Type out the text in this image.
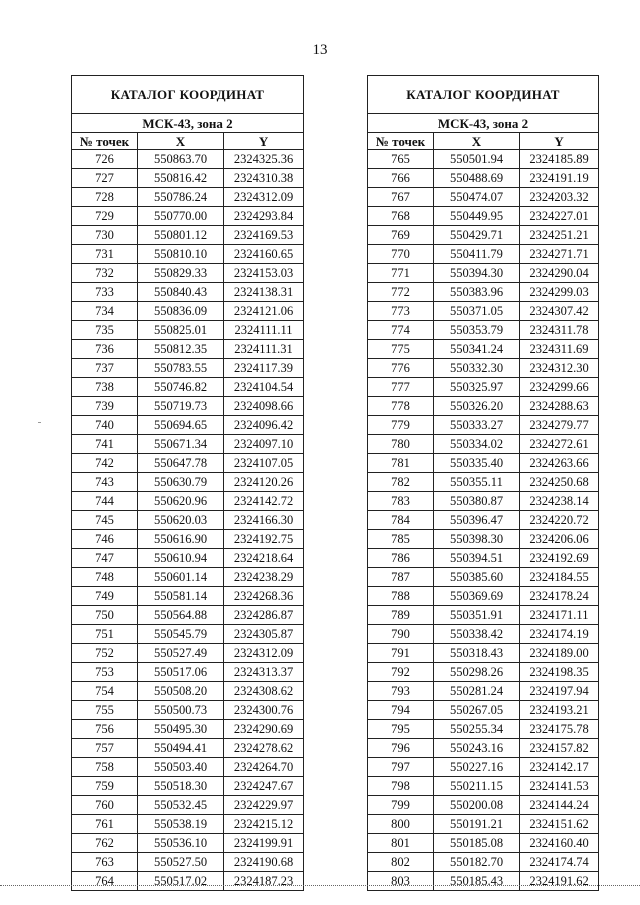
13
КАТАЛОГ КООРДИНАТ		
МСК-43, зона 2		
№ точек	X	Y
726	550863.70	2324325.36
727	550816.42	2324310.38
728	550786.24	2324312.09
729	550770.00	2324293.84
730	550801.12	2324169.53
731	550810.10	2324160.65
732	550829.33	2324153.03
733	550840.43	2324138.31
734	550836.09	2324121.06
735	550825.01	2324111.11
736	550812.35	2324111.31
737	550783.55	2324117.39
738	550746.82	2324104.54
739	550719.73	2324098.66
740	550694.65	2324096.42
741	550671.34	2324097.10
742	550647.78	2324107.05
743	550630.79	2324120.26
744	550620.96	2324142.72
745	550620.03	2324166.30
746	550616.90	2324192.75
747	550610.94	2324218.64
748	550601.14	2324238.29
749	550581.14	2324268.36
750	550564.88	2324286.87
751	550545.79	2324305.87
752	550527.49	2324312.09
753	550517.06	2324313.37
754	550508.20	2324308.62
755	550500.73	2324300.76
756	550495.30	2324290.69
757	550494.41	2324278.62
758	550503.40	2324264.70
759	550518.30	2324247.67
760	550532.45	2324229.97
761	550538.19	2324215.12
762	550536.10	2324199.91
763	550527.50	2324190.68
764	550517.02	2324187.23
КАТАЛОГ КООРДИНАТ		
МСК-43, зона 2		
№ точек	X	Y
765	550501.94	2324185.89
766	550488.69	2324191.19
767	550474.07	2324203.32
768	550449.95	2324227.01
769	550429.71	2324251.21
770	550411.79	2324271.71
771	550394.30	2324290.04
772	550383.96	2324299.03
773	550371.05	2324307.42
774	550353.79	2324311.78
775	550341.24	2324311.69
776	550332.30	2324312.30
777	550325.97	2324299.66
778	550326.20	2324288.63
779	550333.27	2324279.77
780	550334.02	2324272.61
781	550335.40	2324263.66
782	550355.11	2324250.68
783	550380.87	2324238.14
784	550396.47	2324220.72
785	550398.30	2324206.06
786	550394.51	2324192.69
787	550385.60	2324184.55
788	550369.69	2324178.24
789	550351.91	2324171.11
790	550338.42	2324174.19
791	550318.43	2324189.00
792	550298.26	2324198.35
793	550281.24	2324197.94
794	550267.05	2324193.21
795	550255.34	2324175.78
796	550243.16	2324157.82
797	550227.16	2324142.17
798	550211.15	2324141.53
799	550200.08	2324144.24
800	550191.21	2324151.62
801	550185.08	2324160.40
802	550182.70	2324174.74
803	550185.43	2324191.62
